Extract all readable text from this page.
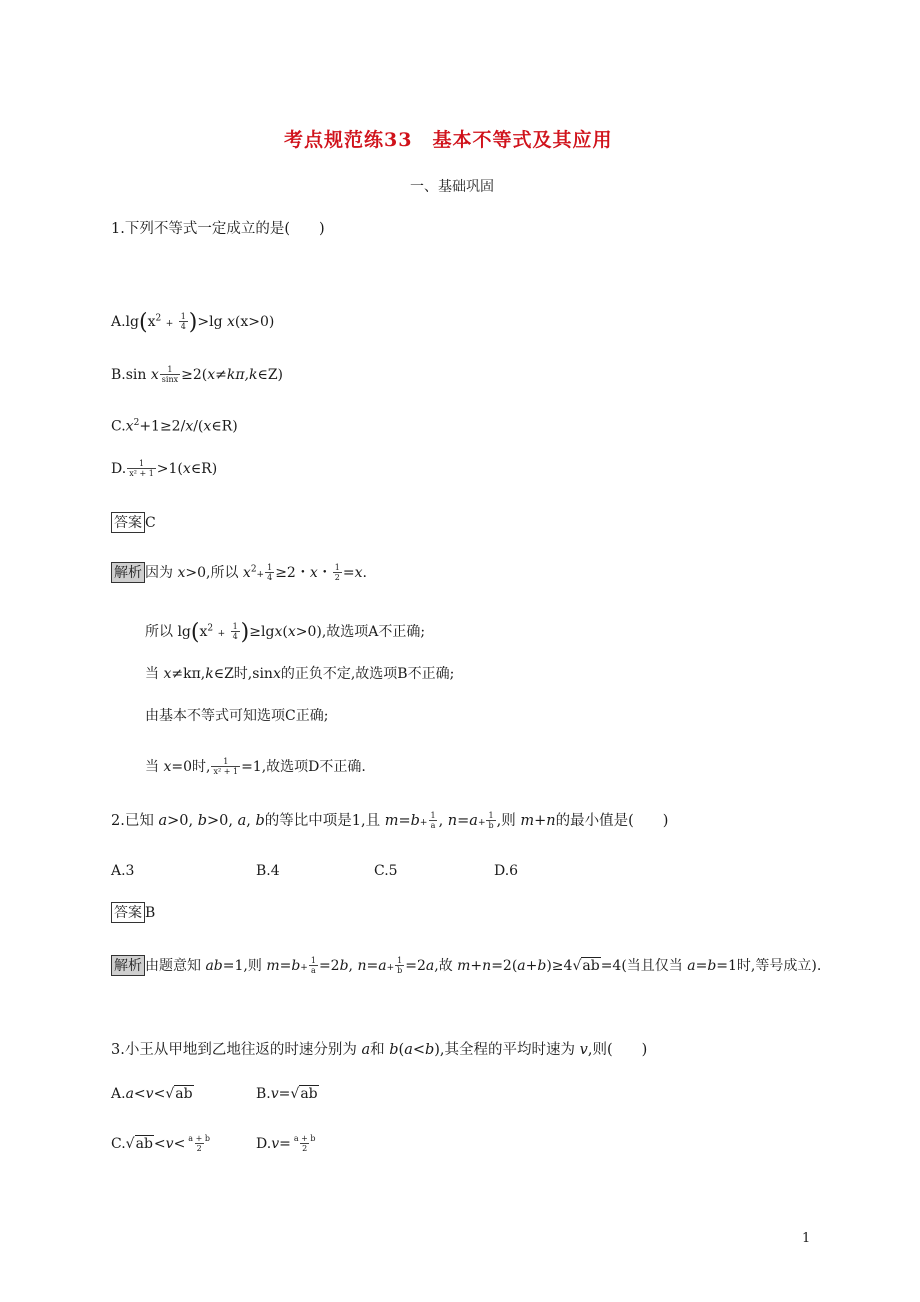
考点规范练33　基本不等式及其应用
一、基础巩固
1.下列不等式一定成立的是(　　)
$A.\lg(x^2 + \frac{1}{4} )>\lg$ x(x>0)
B.sin x $\frac{1}{\sin x}$ ≥2(x≠kπ,k∈Z)
$C.x^2+1\ge 2/x/(x\in R)$
D. $\frac{1}{\text{x² + 1}}$ >1(x∈R)
答案 C
解析 因为 x>0,所以 $x^2+ \frac{1}{4} \ge 2$・x・ $\frac{1}{2} =x$.
所以 $\lg(x^2 + \frac{1}{4} )\ge\lg x(x>0)$,故选项A不正确;
当 x≠kπ,k∈Z时,sinx的正负不定,故选项B不正确;
由基本不等式可知选项C正确;
当 x=0时, $\frac{1}{\text{x² + 1}} =1$,故选项D不正确.
2.已知 a>0, b>0, a, b的等比中项是1,且 $m=b+ \frac{1}{a}$ , $n=a+ \frac{1}{b}$ ,则 m+n的最小值是(　　)
A.3	B.4	C.5	D.6
答案 B
解析 由题意知 ab=1,则 $m=b+ \frac{1}{a} =2b$, $n=a+ \frac{1}{b} =2a$,故 m+n=2(a+b)≥4√ab=4(当且仅当 a=b=1时,等号成立).
3.小王从甲地到乙地往返的时速分别为 a和 b(a<b),其全程的平均时速为 v,则(　　)
A.a<v<√ab	B.v=√ab
$C.√ab<v< \frac{a + b}{2}$	$D.v= \frac{a + b}{2}$
1
